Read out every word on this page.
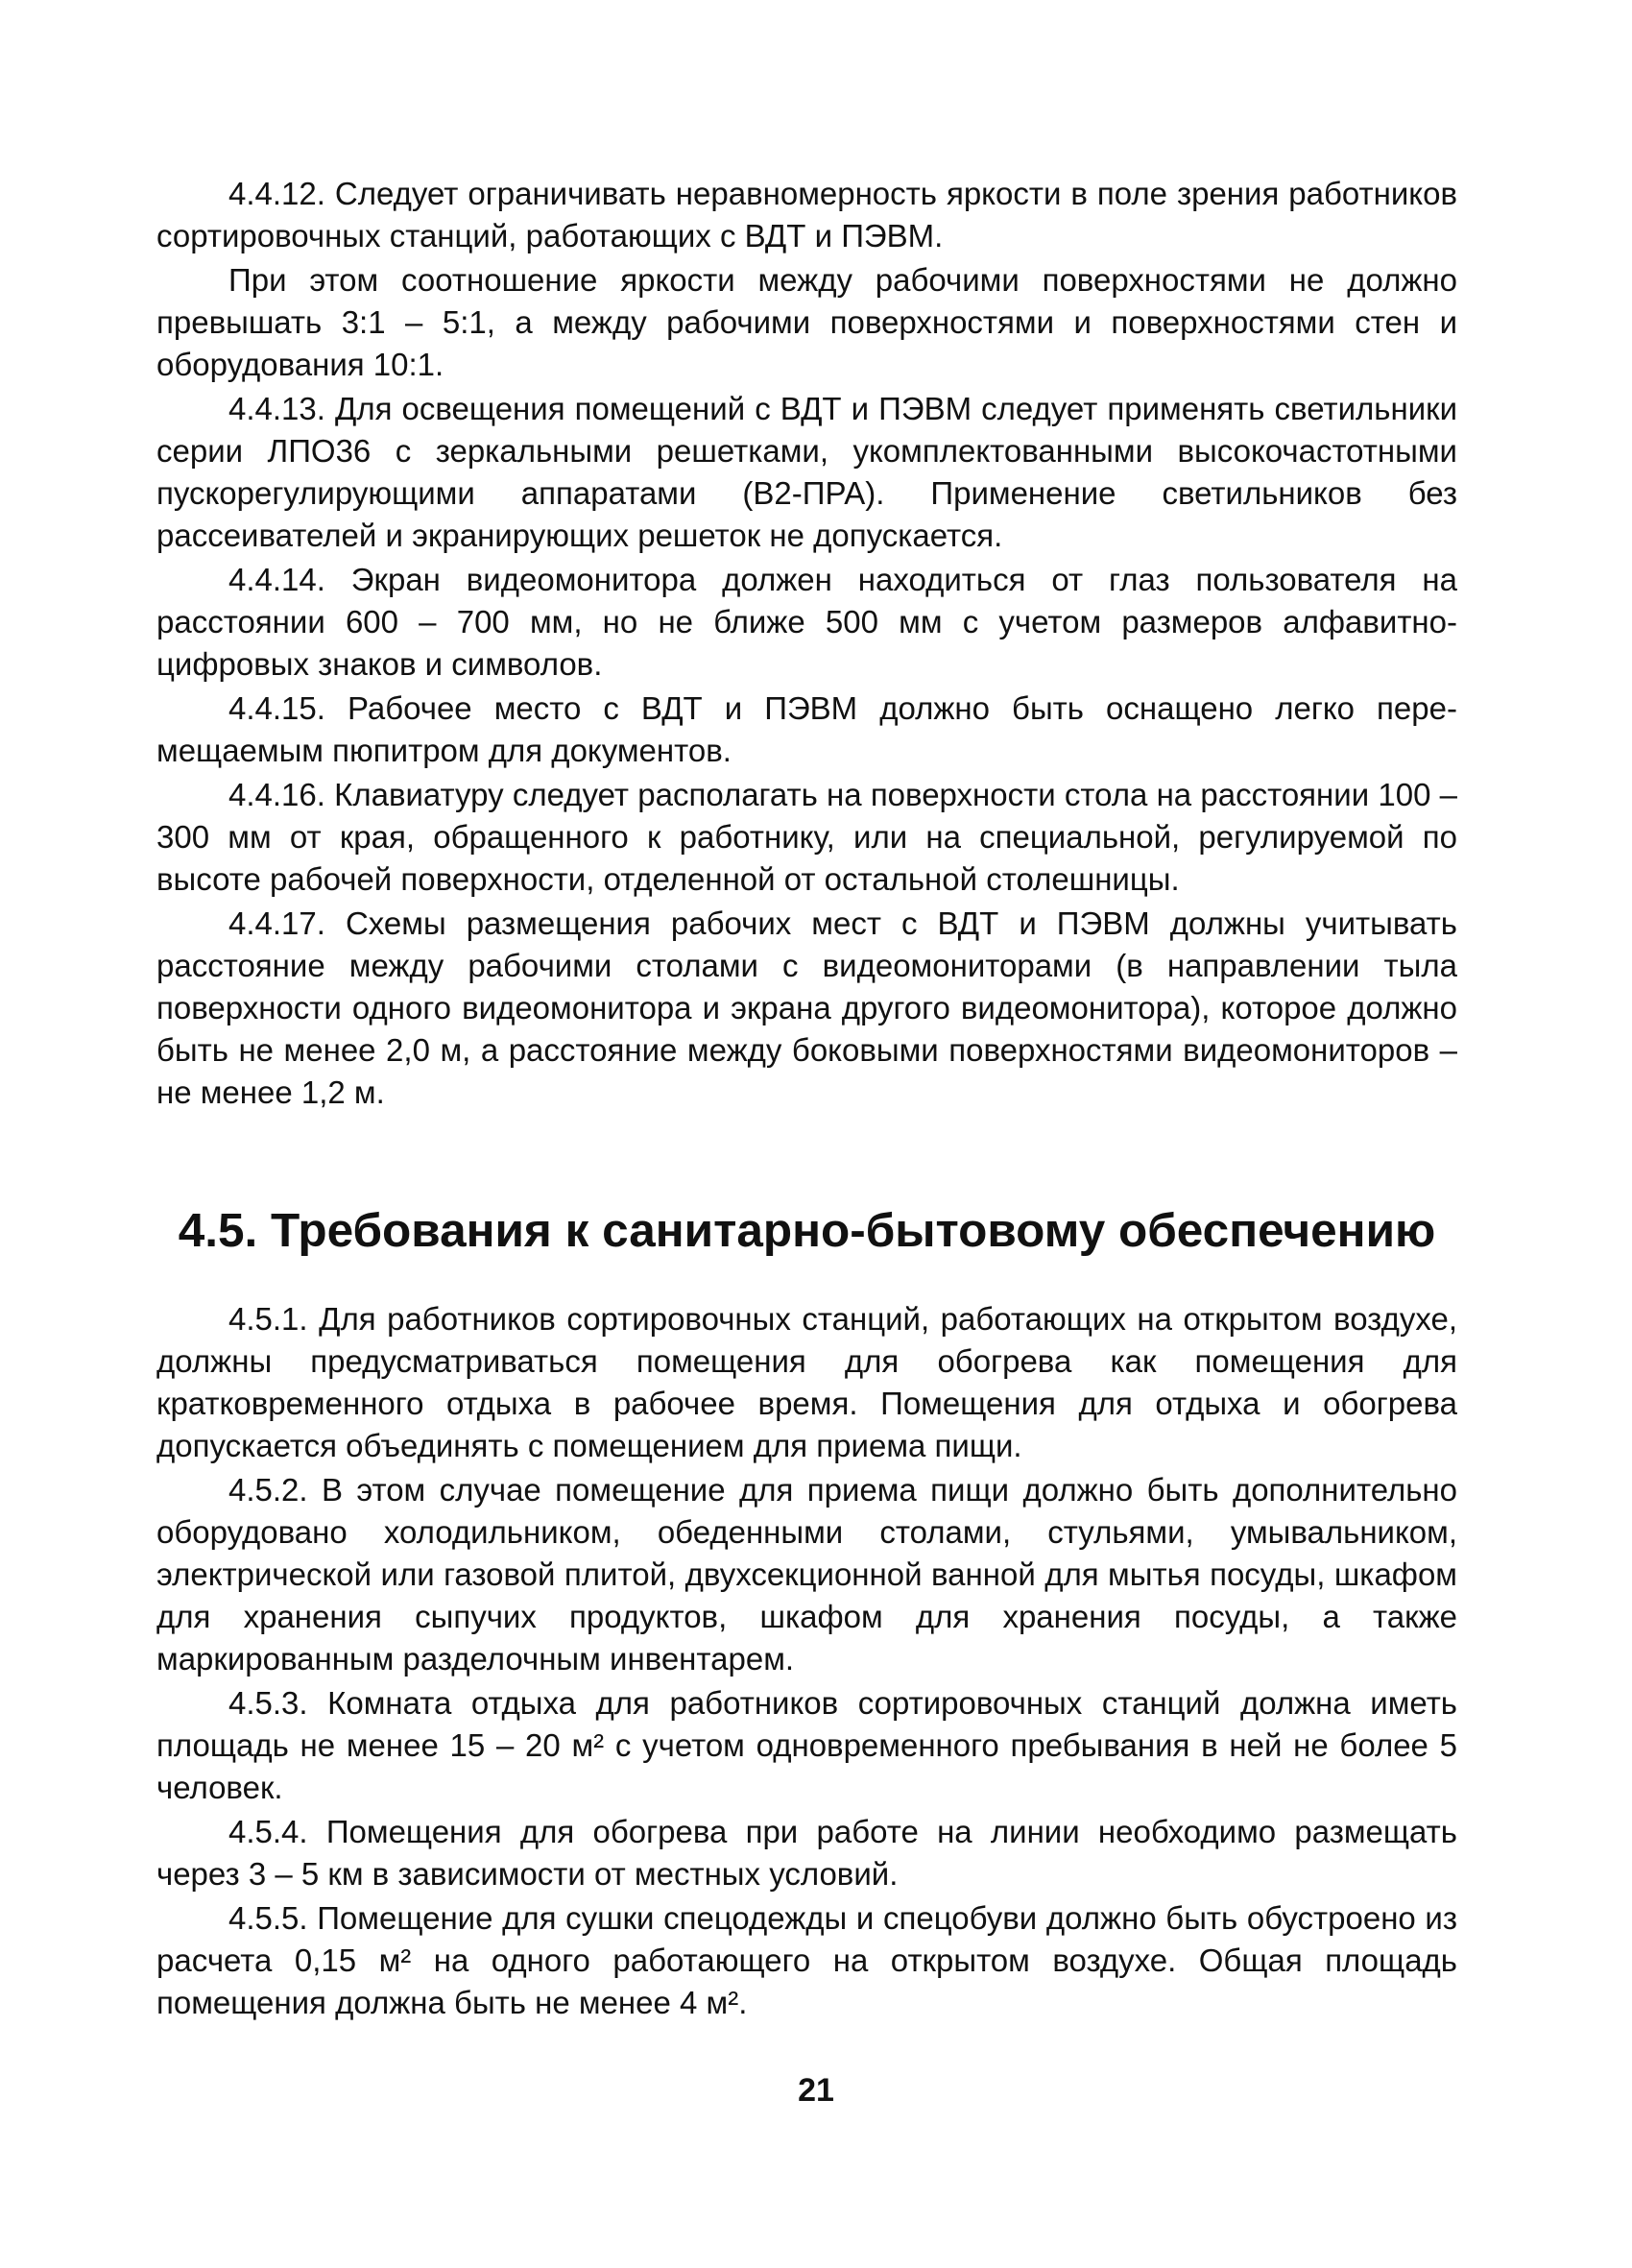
4.4.12. Следует ограничивать неравномерность яркости в поле зрения работников сортировочных станций, работающих с ВДТ и ПЭВМ.

При этом соотношение яркости между рабочими поверхностями не должно превышать 3:1 – 5:1, а между рабочими поверхностями и поверхностями стен и оборудования 10:1.

4.4.13. Для освещения помещений с ВДТ и ПЭВМ следует применять светильники серии ЛПО36 с зеркальными решетками, укомплектованными высокочастотными пускорегулирующими аппаратами (В2-ПРА). Применение светильников без рассеивателей и экранирующих решеток не допускается.

4.4.14. Экран видеомонитора должен находиться от глаз пользователя на расстоянии 600 – 700 мм, но не ближе 500 мм с учетом размеров алфавитно-цифровых знаков и символов.

4.4.15. Рабочее место с ВДТ и ПЭВМ должно быть оснащено легко перемещаемым пюпитром для документов.

4.4.16. Клавиатуру следует располагать на поверхности стола на расстоянии 100 – 300 мм от края, обращенного к работнику, или на специальной, регулируемой по высоте рабочей поверхности, отделенной от остальной столешницы.

4.4.17. Схемы размещения рабочих мест с ВДТ и ПЭВМ должны учитывать расстояние между рабочими столами с видеомониторами (в направлении тыла поверхности одного видеомонитора и экрана другого видеомонитора), которое должно быть не менее 2,0 м, а расстояние между боковыми поверхностями видеомониторов – не менее 1,2 м.

4.5. Требования к санитарно-бытовому обеспечению

4.5.1. Для работников сортировочных станций, работающих на открытом воздухе, должны предусматриваться помещения для обогрева как помещения для кратковременного отдыха в рабочее время. Помещения для отдыха и обогрева допускается объединять с помещением для приема пищи.

4.5.2. В этом случае помещение для приема пищи должно быть дополнительно оборудовано холодильником, обеденными столами, стульями, умывальником, электрической или газовой плитой, двухсекционной ванной для мытья посуды, шкафом для хранения сыпучих продуктов, шкафом для хранения посуды, а также маркированным разделочным инвентарем.

4.5.3. Комната отдыха для работников сортировочных станций должна иметь площадь не менее 15 – 20 м² с учетом одновременного пребывания в ней не более 5 человек.

4.5.4. Помещения для обогрева при работе на линии необходимо размещать через 3 – 5 км в зависимости от местных условий.

4.5.5. Помещение для сушки спецодежды и спецобуви должно быть обустроено из расчета 0,15 м² на одного работающего на открытом воздухе. Общая площадь помещения должна быть не менее 4 м².

21
